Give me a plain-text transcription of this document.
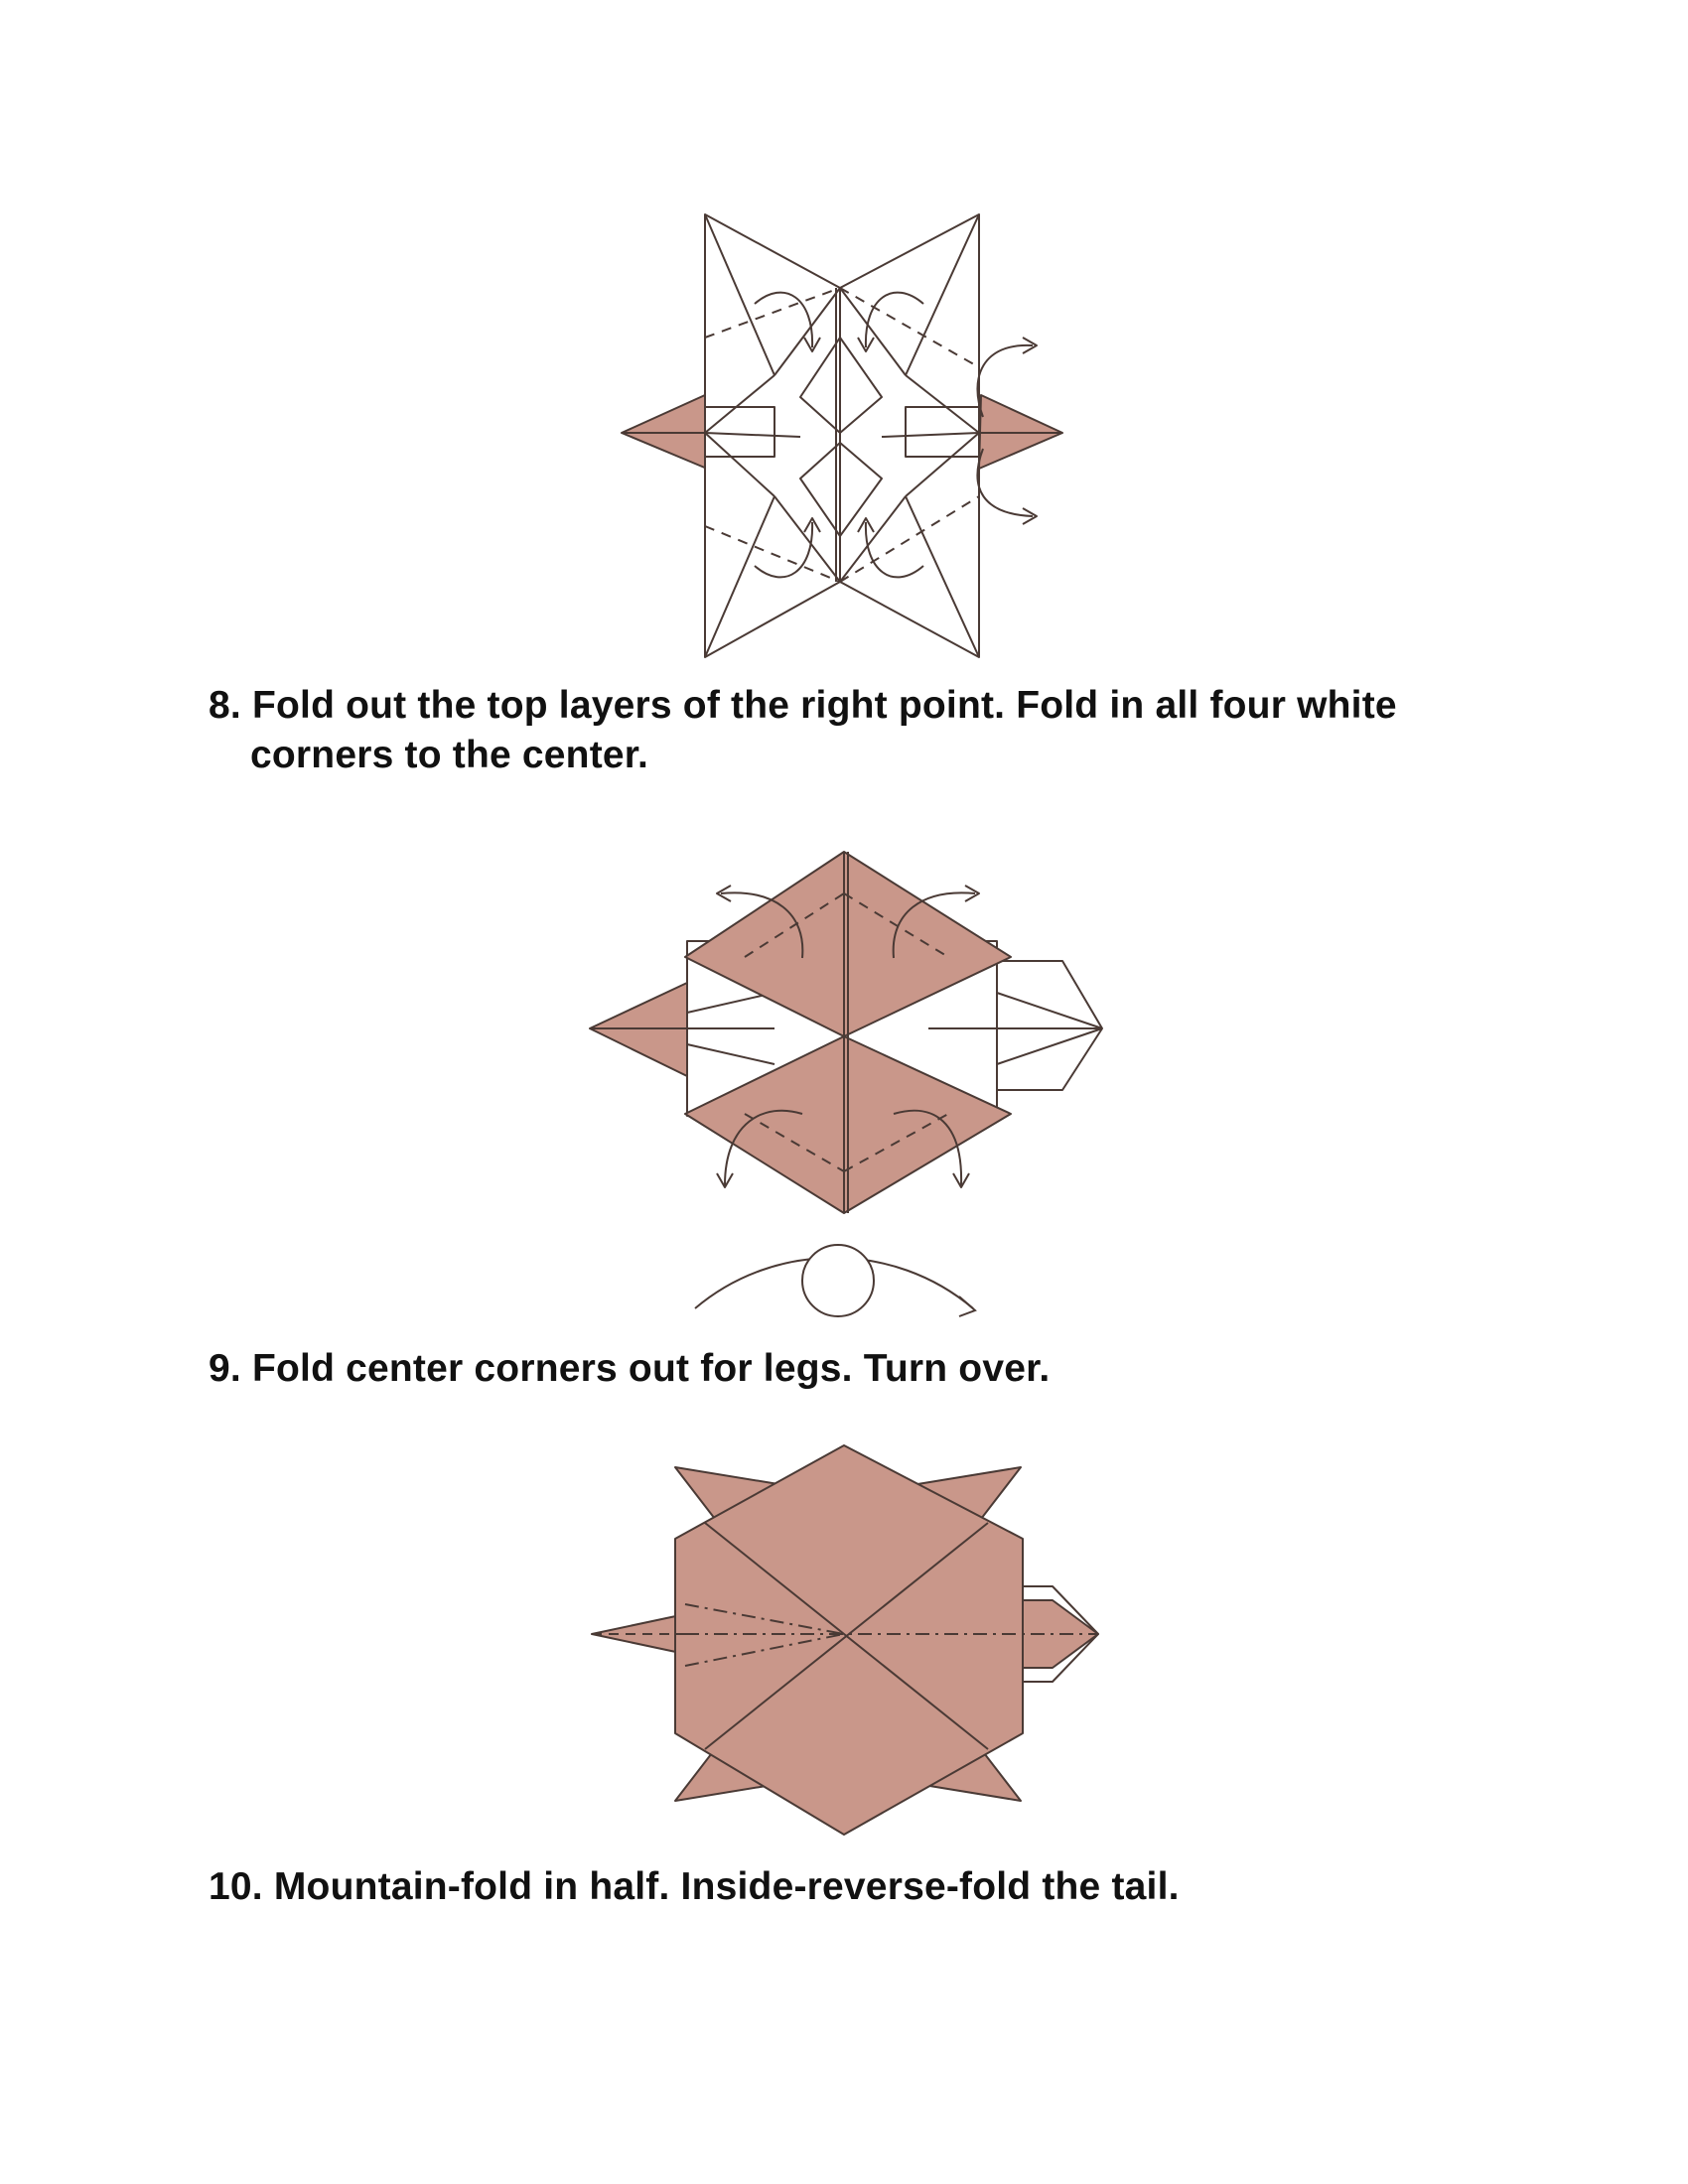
8. Fold out the top layers of the right point. Fold in all four white
corners to the center.

9. Fold center corners out for legs. Turn over.

10. Mountain-fold in half. Inside-reverse-fold the tail.
